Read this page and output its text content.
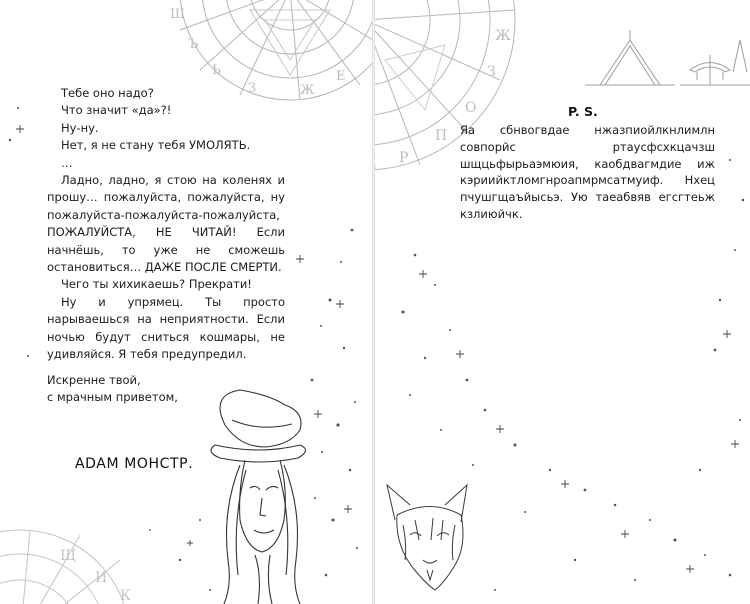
Щ
Ъ
Ь
З	Ж
Е
Щ
И
К

Тебе оно надо?

Что значит «да»?!

Ну-ну.

Нет, я не стану тебя УМОЛЯТЬ.

…

Ладно, ладно, я стою на коленях и прошу… пожалуйста, пожалуйста, ну пожалуйста-пожалуйста-пожалуйста, ПОЖАЛУЙСТА, НЕ ЧИТАЙ! Если начнёшь, то уже не сможешь остановиться… ДАЖЕ ПОСЛЕ СМЕРТИ.

Чего ты хихикаешь? Прекрати!

Ну и упрямец. Ты просто нарываешься на неприятности. Если ночью будут сниться кошмары, не удивляйся. Я тебя предупредил.

Искренне твой,

с мрачным приветом,

ADAM МОНСТР.
Ж
З
О
П
Р
P. S.
Яа сбнвогвдае нжазпиойлкнлимлн совпорйс ртаусфсхкцачзш шщцьфырьаэмюия, каобдвагмдие иж кэриийктломгнроапмрмсатмуиф. Нхец пчушгщаъйысьэ. Ую таеабвяв егсгтеьж кзлиюйчк.
